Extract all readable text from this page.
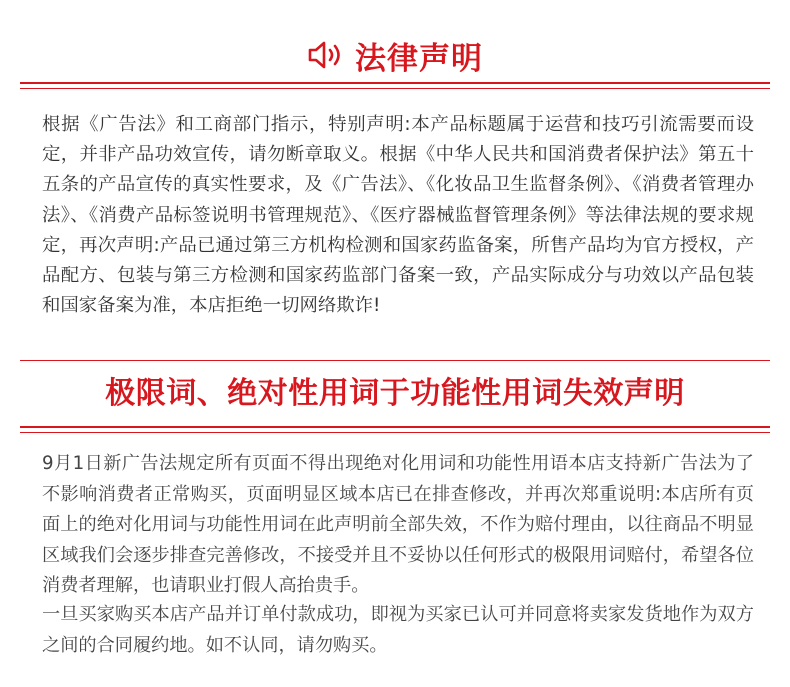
法律声明

根据《广告法》和工商部门指示，特别声明:本产品标题属于运营和技巧引流需要而设定，并非产品功效宣传，请勿断章取义。根据《中华人民共和国消费者保护法》第五十五条的产品宣传的真实性要求，及《广告法》、《化妆品卫生监督条例》、《消费者管理办法》、《消费产品标签说明书管理规范》、《医疗器械监督管理条例》等法律法规的要求规定，再次声明:产品已通过第三方机构检测和国家药监备案，所售产品均为官方授权，产品配方、包装与第三方检测和国家药监部门备案一致，产品实际成分与功效以产品包装和国家备案为准，本店拒绝一切网络欺诈!

极限词、绝对性用词于功能性用词失效声明

9月1日新广告法规定所有页面不得出现绝对化用词和功能性用语本店支持新广告法为了不影响消费者正常购买，页面明显区域本店已在排查修改，并再次郑重说明:本店所有页面上的绝对化用词与功能性用词在此声明前全部失效，不作为赔付理由，以往商品不明显区域我们会逐步排查完善修改，不接受并且不妥协以任何形式的极限用词赔付，希望各位消费者理解，也请职业打假人高抬贵手。

一旦买家购买本店产品并订单付款成功，即视为买家已认可并同意将卖家发货地作为双方之间的合同履约地。如不认同，请勿购买。
